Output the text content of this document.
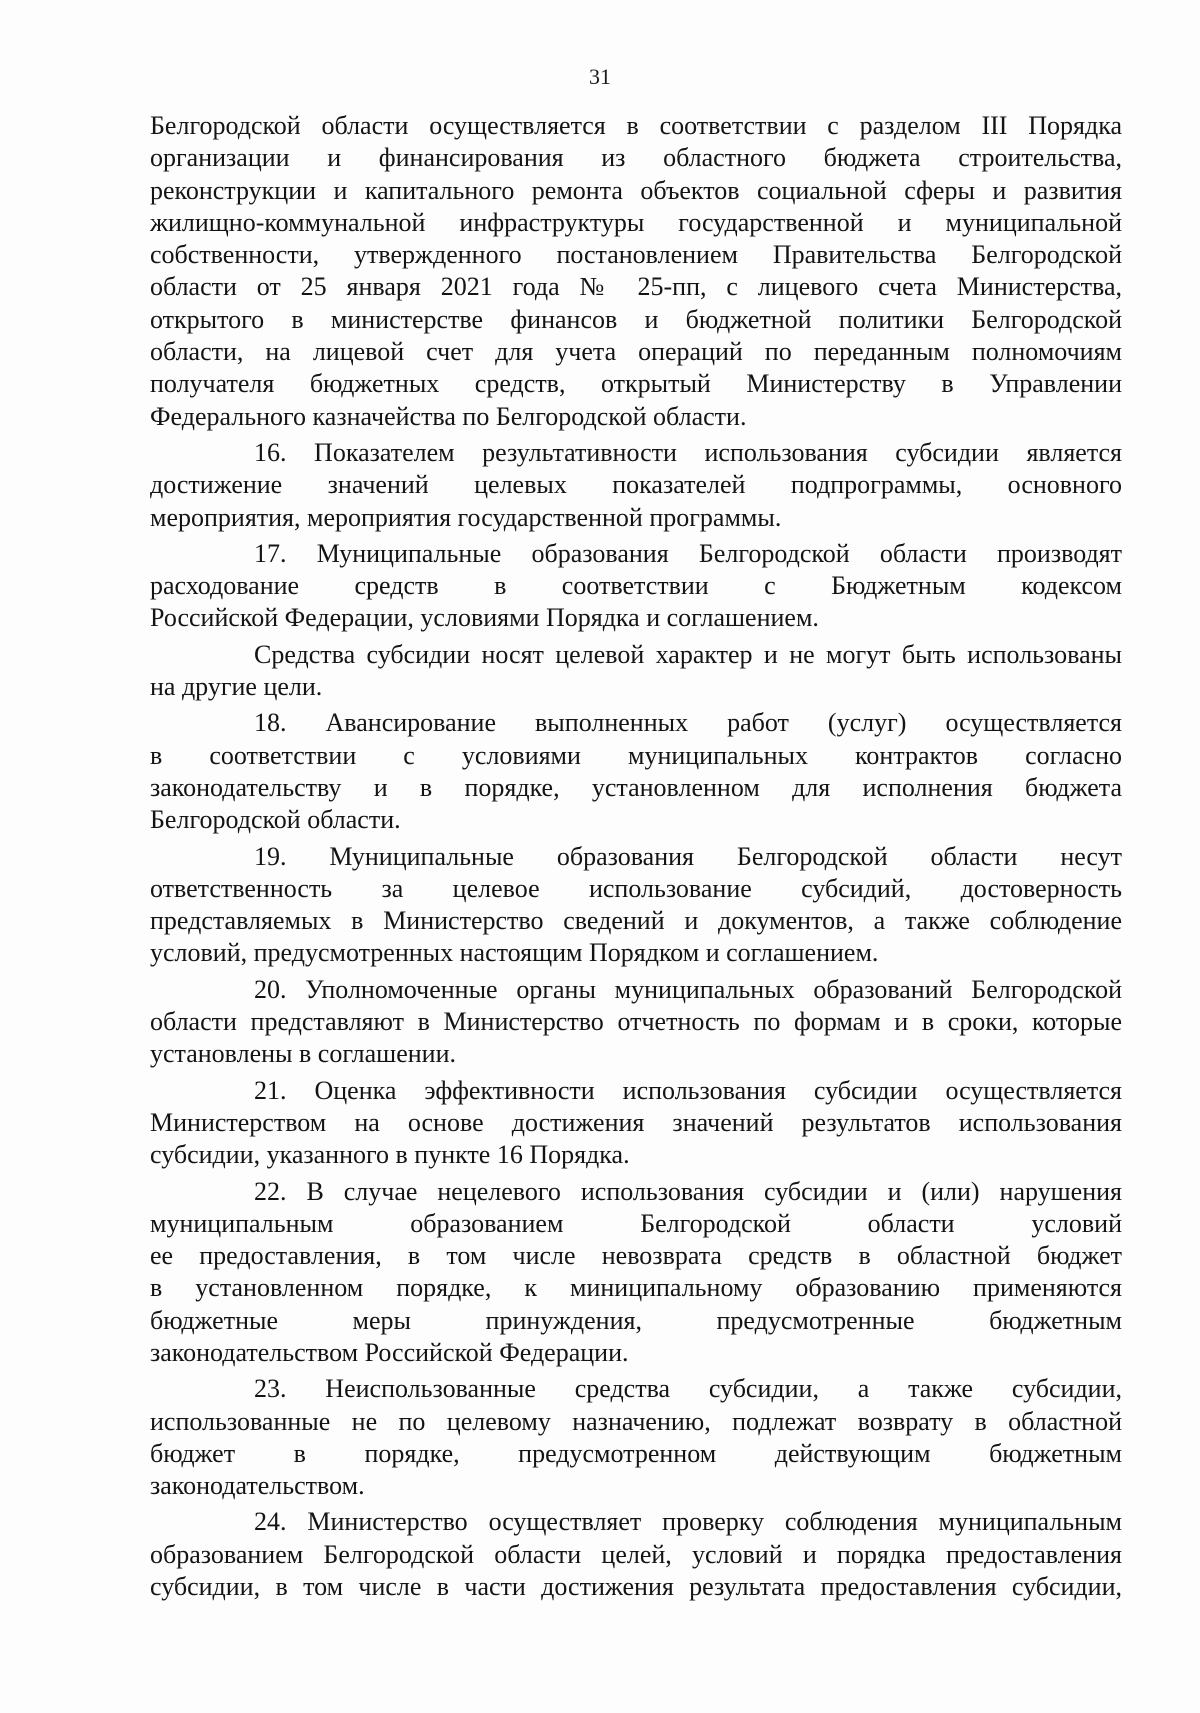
31
Белгородской области осуществляется в соответствии с разделом III Порядка
организации и финансирования из областного бюджета строительства,
реконструкции и капитального ремонта объектов социальной сферы и развития
жилищно-коммунальной инфраструктуры государственной и муниципальной
собственности, утвержденного постановлением Правительства Белгородской
области от 25 января 2021 года № 25-пп, с лицевого счета Министерства,
открытого в министерстве финансов и бюджетной политики Белгородской
области, на лицевой счет для учета операций по переданным полномочиям
получателя бюджетных средств, открытый Министерству в Управлении
Федерального казначейства по Белгородской области.
16. Показателем результативности использования субсидии является
достижение значений целевых показателей подпрограммы, основного
мероприятия, мероприятия государственной программы.
17. Муниципальные образования Белгородской области производят
расходование средств в соответствии с Бюджетным кодексом
Российской Федерации, условиями Порядка и соглашением.
Средства субсидии носят целевой характер и не могут быть использованы
на другие цели.
18. Авансирование выполненных работ (услуг) осуществляется
в соответствии с условиями муниципальных контрактов согласно
законодательству и в порядке, установленном для исполнения бюджета
Белгородской области.
19. Муниципальные образования Белгородской области несут
ответственность за целевое использование субсидий, достоверность
представляемых в Министерство сведений и документов, а также соблюдение
условий, предусмотренных настоящим Порядком и соглашением.
20. Уполномоченные органы муниципальных образований Белгородской
области представляют в Министерство отчетность по формам и в сроки, которые
установлены в соглашении.
21. Оценка эффективности использования субсидии осуществляется
Министерством на основе достижения значений результатов использования
субсидии, указанного в пункте 16 Порядка.
22. В случае нецелевого использования субсидии и (или) нарушения
муниципальным образованием Белгородской области условий
ее предоставления, в том числе невозврата средств в областной бюджет
в установленном порядке, к миниципальному образованию применяются
бюджетные меры принуждения, предусмотренные бюджетным
законодательством Российской Федерации.
23. Неиспользованные средства субсидии, а также субсидии,
использованные не по целевому назначению, подлежат возврату в областной
бюджет в порядке, предусмотренном действующим бюджетным
законодательством.
24. Министерство осуществляет проверку соблюдения муниципальным
образованием Белгородской области целей, условий и порядка предоставления
субсидии, в том числе в части достижения результата предоставления субсидии,
